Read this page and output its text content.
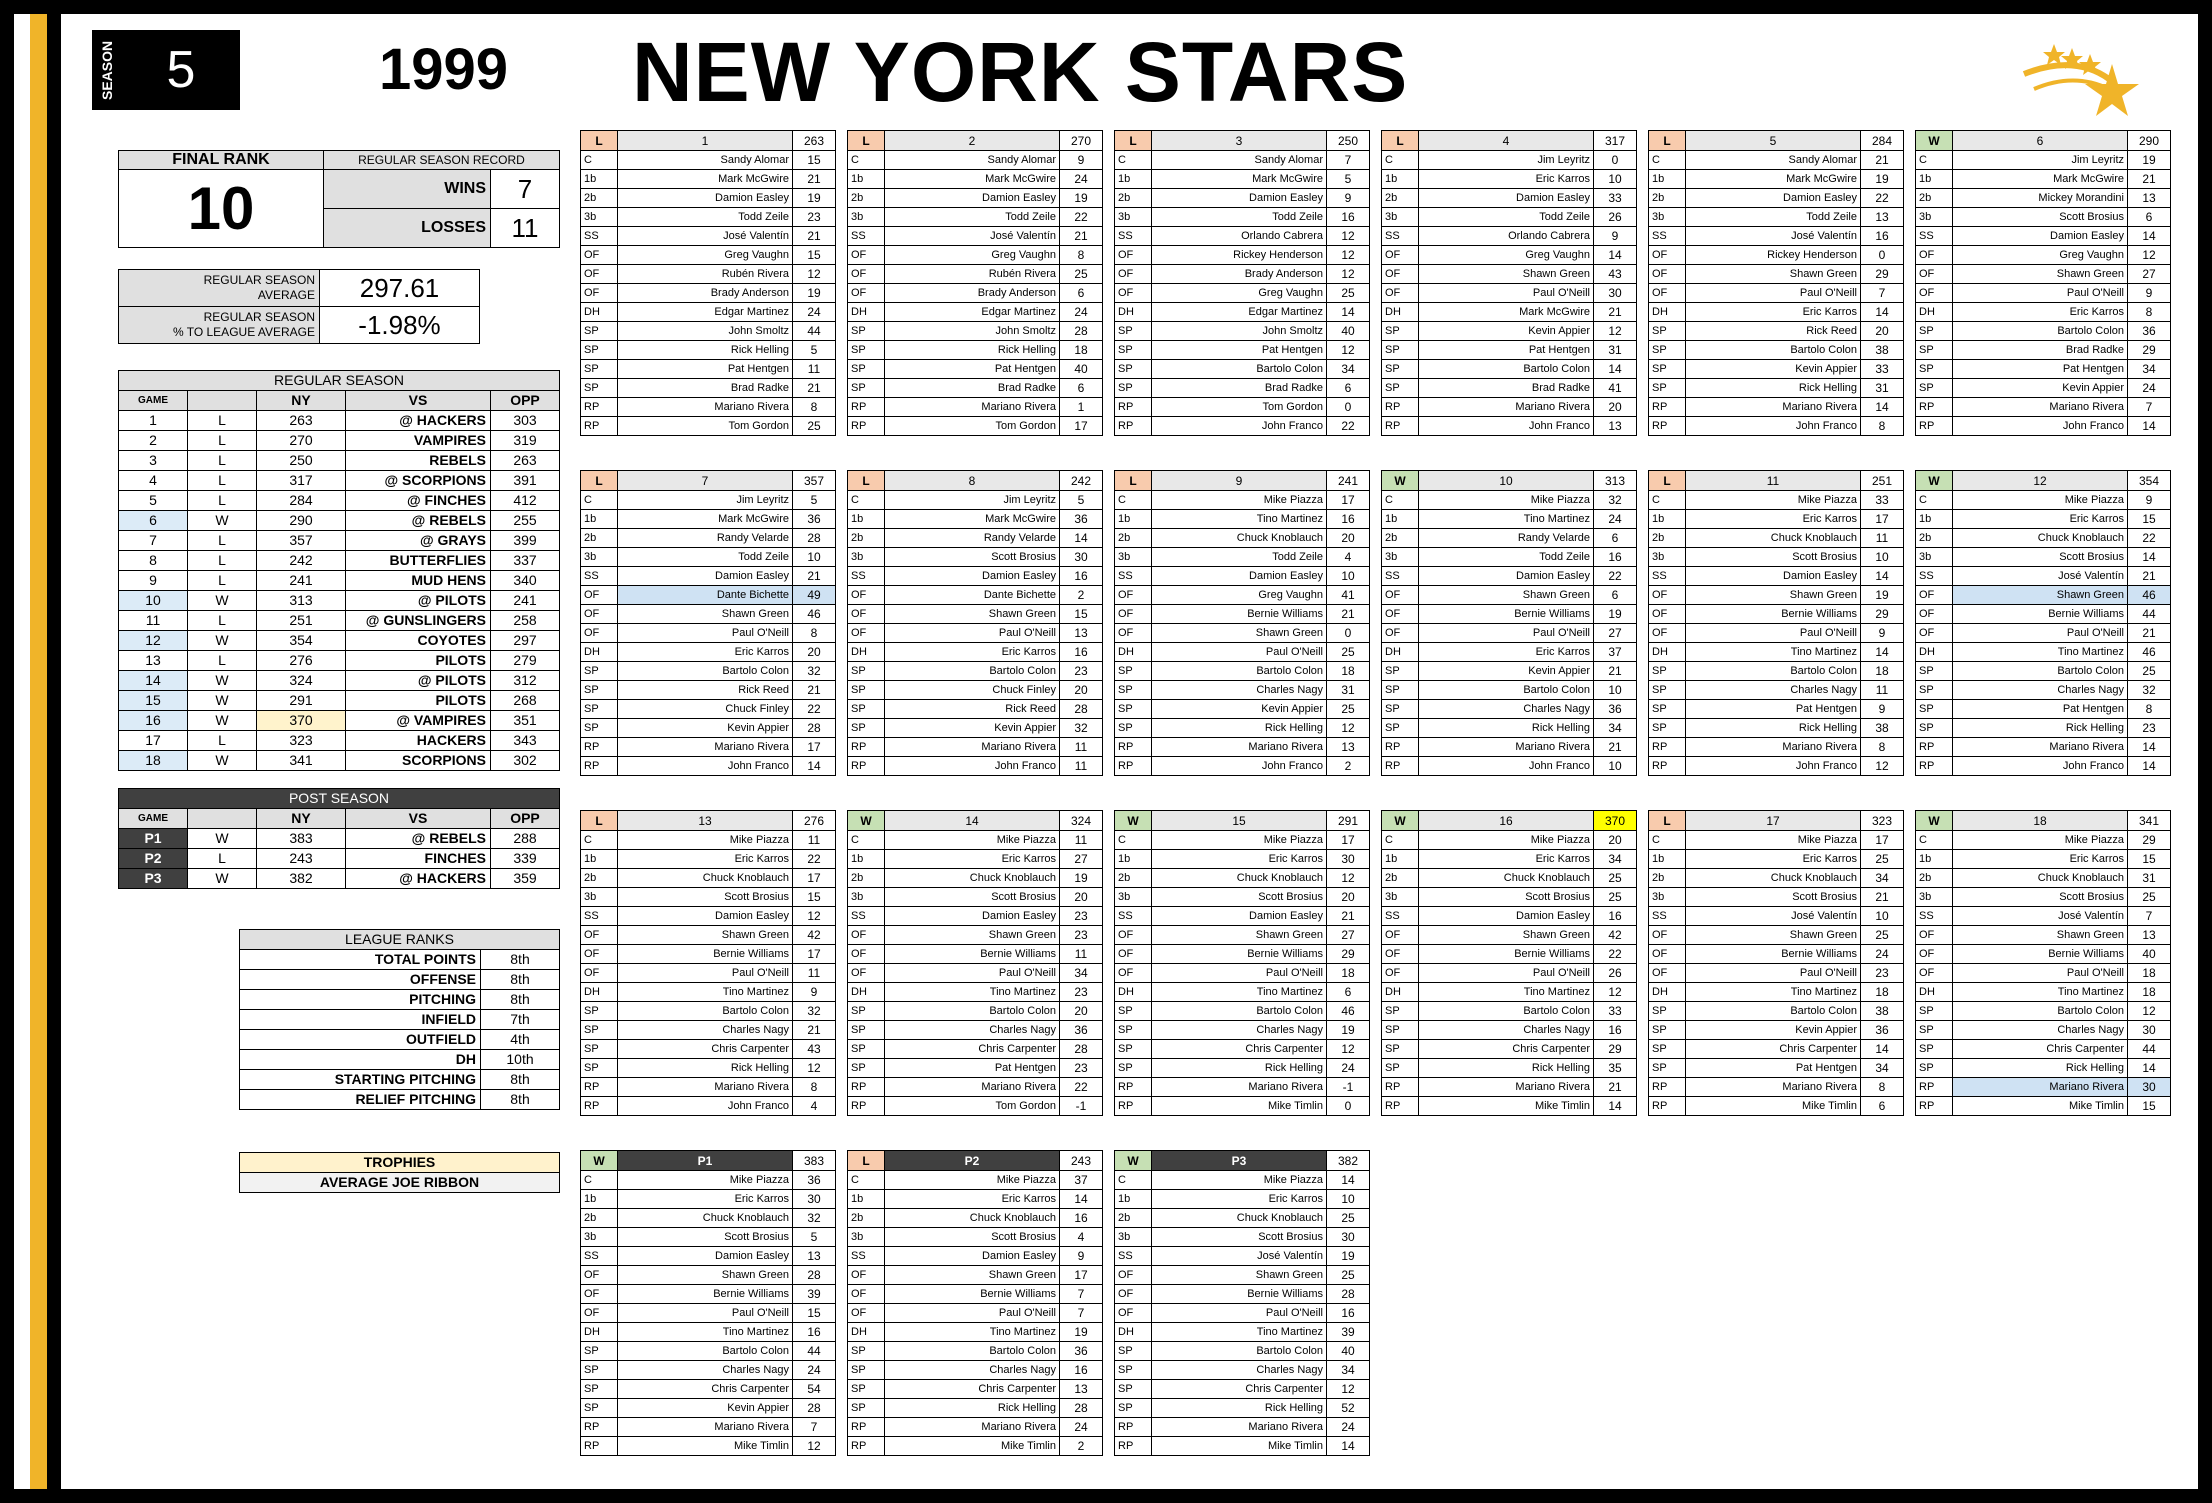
SEASON 5	1999 NEW YORK STARS
FINAL RANK	REGULAR SEASON RECORD	
10	WINS	7
	LOSSES	11
REGULAR SEASON
AVERAGE	297.61
REGULAR SEASON
% TO LEAGUE AVERAGE	-1.98%
REGULAR SEASON				
GAME		NY	VS	OPP
1	L	263	@ HACKERS	303
2	L	270	VAMPIRES	319
3	L	250	REBELS	263
4	L	317	@ SCORPIONS	391
5	L	284	@ FINCHES	412
6	W	290	@ REBELS	255
7	L	357	@ GRAYS	399
8	L	242	BUTTERFLIES	337
9	L	241	MUD HENS	340
10	W	313	@ PILOTS	241
11	L	251	@ GUNSLINGERS	258
12	W	354	COYOTES	297
13	L	276	PILOTS	279
14	W	324	@ PILOTS	312
15	W	291	PILOTS	268
16	W	370	@ VAMPIRES	351
17	L	323	HACKERS	343
18	W	341	SCORPIONS	302
POST SEASON				
GAME		NY	VS	OPP
P1	W	383	@ REBELS	288
P2	L	243	FINCHES	339
P3	W	382	@ HACKERS	359
LEAGUE RANKS	
TOTAL POINTS	8th
OFFENSE	8th
PITCHING	8th
INFIELD	7th
OUTFIELD	4th
DH	10th
STARTING PITCHING	8th
RELIEF PITCHING	8th
TROPHIES
AVERAGE JOE RIBBON
L	1	263
C	Sandy Alomar	15
1b	Mark McGwire	21
2b	Damion Easley	19
3b	Todd Zeile	23
SS	José Valentín	21
OF	Greg Vaughn	15
OF	Rubén Rivera	12
OF	Brady Anderson	19
DH	Edgar Martinez	24
SP	John Smoltz	44
SP	Rick Helling	5
SP	Pat Hentgen	11
SP	Brad Radke	21
RP	Mariano Rivera	8
RP	Tom Gordon	25
L	2	270
C	Sandy Alomar	9
1b	Mark McGwire	24
2b	Damion Easley	19
3b	Todd Zeile	22
SS	José Valentín	21
OF	Greg Vaughn	8
OF	Rubén Rivera	25
OF	Brady Anderson	6
DH	Edgar Martinez	24
SP	John Smoltz	28
SP	Rick Helling	18
SP	Pat Hentgen	40
SP	Brad Radke	6
RP	Mariano Rivera	1
RP	Tom Gordon	17
L	3	250
C	Sandy Alomar	7
1b	Mark McGwire	5
2b	Damion Easley	9
3b	Todd Zeile	16
SS	Orlando Cabrera	12
OF	Rickey Henderson	12
OF	Brady Anderson	12
OF	Greg Vaughn	25
DH	Edgar Martinez	14
SP	John Smoltz	40
SP	Pat Hentgen	12
SP	Bartolo Colon	34
SP	Brad Radke	6
RP	Tom Gordon	0
RP	John Franco	22
L	4	317
C	Jim Leyritz	0
1b	Eric Karros	10
2b	Damion Easley	33
3b	Todd Zeile	26
SS	Orlando Cabrera	9
OF	Greg Vaughn	14
OF	Shawn Green	43
OF	Paul O'Neill	30
DH	Mark McGwire	21
SP	Kevin Appier	12
SP	Pat Hentgen	31
SP	Bartolo Colon	14
SP	Brad Radke	41
RP	Mariano Rivera	20
RP	John Franco	13
L	5	284
C	Sandy Alomar	21
1b	Mark McGwire	19
2b	Damion Easley	22
3b	Todd Zeile	13
SS	José Valentín	16
OF	Rickey Henderson	0
OF	Shawn Green	29
OF	Paul O'Neill	7
DH	Eric Karros	14
SP	Rick Reed	20
SP	Bartolo Colon	38
SP	Kevin Appier	33
SP	Rick Helling	31
RP	Mariano Rivera	14
RP	John Franco	8
W	6	290
C	Jim Leyritz	19
1b	Mark McGwire	21
2b	Mickey Morandini	13
3b	Scott Brosius	6
SS	Damion Easley	14
OF	Greg Vaughn	12
OF	Shawn Green	27
OF	Paul O'Neill	9
DH	Eric Karros	8
SP	Bartolo Colon	36
SP	Brad Radke	29
SP	Pat Hentgen	34
SP	Kevin Appier	24
RP	Mariano Rivera	7
RP	John Franco	14
L	7	357
C	Jim Leyritz	5
1b	Mark McGwire	36
2b	Randy Velarde	28
3b	Todd Zeile	10
SS	Damion Easley	21
OF	Dante Bichette	49
OF	Shawn Green	46
OF	Paul O'Neill	8
DH	Eric Karros	20
SP	Bartolo Colon	32
SP	Rick Reed	21
SP	Chuck Finley	22
SP	Kevin Appier	28
RP	Mariano Rivera	17
RP	John Franco	14
L	8	242
C	Jim Leyritz	5
1b	Mark McGwire	36
2b	Randy Velarde	14
3b	Scott Brosius	30
SS	Damion Easley	16
OF	Dante Bichette	2
OF	Shawn Green	15
OF	Paul O'Neill	13
DH	Eric Karros	16
SP	Bartolo Colon	23
SP	Chuck Finley	20
SP	Rick Reed	28
SP	Kevin Appier	32
RP	Mariano Rivera	11
RP	John Franco	11
L	9	241
C	Mike Piazza	17
1b	Tino Martinez	16
2b	Chuck Knoblauch	20
3b	Todd Zeile	4
SS	Damion Easley	10
OF	Greg Vaughn	41
OF	Bernie Williams	21
OF	Shawn Green	0
DH	Paul O'Neill	25
SP	Bartolo Colon	18
SP	Charles Nagy	31
SP	Kevin Appier	25
SP	Rick Helling	12
RP	Mariano Rivera	13
RP	John Franco	2
W	10	313
C	Mike Piazza	32
1b	Tino Martinez	24
2b	Randy Velarde	6
3b	Todd Zeile	16
SS	Damion Easley	22
OF	Shawn Green	6
OF	Bernie Williams	19
OF	Paul O'Neill	27
DH	Eric Karros	37
SP	Kevin Appier	21
SP	Bartolo Colon	10
SP	Charles Nagy	36
SP	Rick Helling	34
RP	Mariano Rivera	21
RP	John Franco	10
L	11	251
C	Mike Piazza	33
1b	Eric Karros	17
2b	Chuck Knoblauch	11
3b	Scott Brosius	10
SS	Damion Easley	14
OF	Shawn Green	19
OF	Bernie Williams	29
OF	Paul O'Neill	9
DH	Tino Martinez	14
SP	Bartolo Colon	18
SP	Charles Nagy	11
SP	Pat Hentgen	9
SP	Rick Helling	38
RP	Mariano Rivera	8
RP	John Franco	12
W	12	354
C	Mike Piazza	9
1b	Eric Karros	15
2b	Chuck Knoblauch	22
3b	Scott Brosius	14
SS	José Valentín	21
OF	Shawn Green	46
OF	Bernie Williams	44
OF	Paul O'Neill	21
DH	Tino Martinez	46
SP	Bartolo Colon	25
SP	Charles Nagy	32
SP	Pat Hentgen	8
SP	Rick Helling	23
RP	Mariano Rivera	14
RP	John Franco	14
L	13	276
C	Mike Piazza	11
1b	Eric Karros	22
2b	Chuck Knoblauch	17
3b	Scott Brosius	15
SS	Damion Easley	12
OF	Shawn Green	42
OF	Bernie Williams	17
OF	Paul O'Neill	11
DH	Tino Martinez	9
SP	Bartolo Colon	32
SP	Charles Nagy	21
SP	Chris Carpenter	43
SP	Rick Helling	12
RP	Mariano Rivera	8
RP	John Franco	4
W	14	324
C	Mike Piazza	11
1b	Eric Karros	27
2b	Chuck Knoblauch	19
3b	Scott Brosius	20
SS	Damion Easley	23
OF	Shawn Green	23
OF	Bernie Williams	11
OF	Paul O'Neill	34
DH	Tino Martinez	23
SP	Bartolo Colon	20
SP	Charles Nagy	36
SP	Chris Carpenter	28
SP	Pat Hentgen	23
RP	Mariano Rivera	22
RP	Tom Gordon	-1
W	15	291
C	Mike Piazza	17
1b	Eric Karros	30
2b	Chuck Knoblauch	12
3b	Scott Brosius	20
SS	Damion Easley	21
OF	Shawn Green	27
OF	Bernie Williams	29
OF	Paul O'Neill	18
DH	Tino Martinez	6
SP	Bartolo Colon	46
SP	Charles Nagy	19
SP	Chris Carpenter	12
SP	Rick Helling	24
RP	Mariano Rivera	-1
RP	Mike Timlin	0
W	16	370
C	Mike Piazza	20
1b	Eric Karros	34
2b	Chuck Knoblauch	25
3b	Scott Brosius	25
SS	Damion Easley	16
OF	Shawn Green	42
OF	Bernie Williams	22
OF	Paul O'Neill	26
DH	Tino Martinez	12
SP	Bartolo Colon	33
SP	Charles Nagy	16
SP	Chris Carpenter	29
SP	Rick Helling	35
RP	Mariano Rivera	21
RP	Mike Timlin	14
L	17	323
C	Mike Piazza	17
1b	Eric Karros	25
2b	Chuck Knoblauch	34
3b	Scott Brosius	21
SS	José Valentín	10
OF	Shawn Green	25
OF	Bernie Williams	24
OF	Paul O'Neill	23
DH	Tino Martinez	18
SP	Bartolo Colon	38
SP	Kevin Appier	36
SP	Chris Carpenter	14
SP	Pat Hentgen	34
RP	Mariano Rivera	8
RP	Mike Timlin	6
W	18	341
C	Mike Piazza	29
1b	Eric Karros	15
2b	Chuck Knoblauch	31
3b	Scott Brosius	25
SS	José Valentín	7
OF	Shawn Green	13
OF	Bernie Williams	40
OF	Paul O'Neill	18
DH	Tino Martinez	18
SP	Bartolo Colon	12
SP	Charles Nagy	30
SP	Chris Carpenter	44
SP	Rick Helling	14
RP	Mariano Rivera	30
RP	Mike Timlin	15
W	P1	383
C	Mike Piazza	36
1b	Eric Karros	30
2b	Chuck Knoblauch	32
3b	Scott Brosius	5
SS	Damion Easley	13
OF	Shawn Green	28
OF	Bernie Williams	39
OF	Paul O'Neill	15
DH	Tino Martinez	16
SP	Bartolo Colon	44
SP	Charles Nagy	24
SP	Chris Carpenter	54
SP	Kevin Appier	28
RP	Mariano Rivera	7
RP	Mike Timlin	12
L	P2	243
C	Mike Piazza	37
1b	Eric Karros	14
2b	Chuck Knoblauch	16
3b	Scott Brosius	4
SS	Damion Easley	9
OF	Shawn Green	17
OF	Bernie Williams	7
OF	Paul O'Neill	7
DH	Tino Martinez	19
SP	Bartolo Colon	36
SP	Charles Nagy	16
SP	Chris Carpenter	13
SP	Rick Helling	28
RP	Mariano Rivera	24
RP	Mike Timlin	2
W	P3	382
C	Mike Piazza	14
1b	Eric Karros	10
2b	Chuck Knoblauch	25
3b	Scott Brosius	30
SS	José Valentín	19
OF	Shawn Green	25
OF	Bernie Williams	28
OF	Paul O'Neill	16
DH	Tino Martinez	39
SP	Bartolo Colon	40
SP	Charles Nagy	34
SP	Chris Carpenter	12
SP	Rick Helling	52
RP	Mariano Rivera	24
RP	Mike Timlin	14
